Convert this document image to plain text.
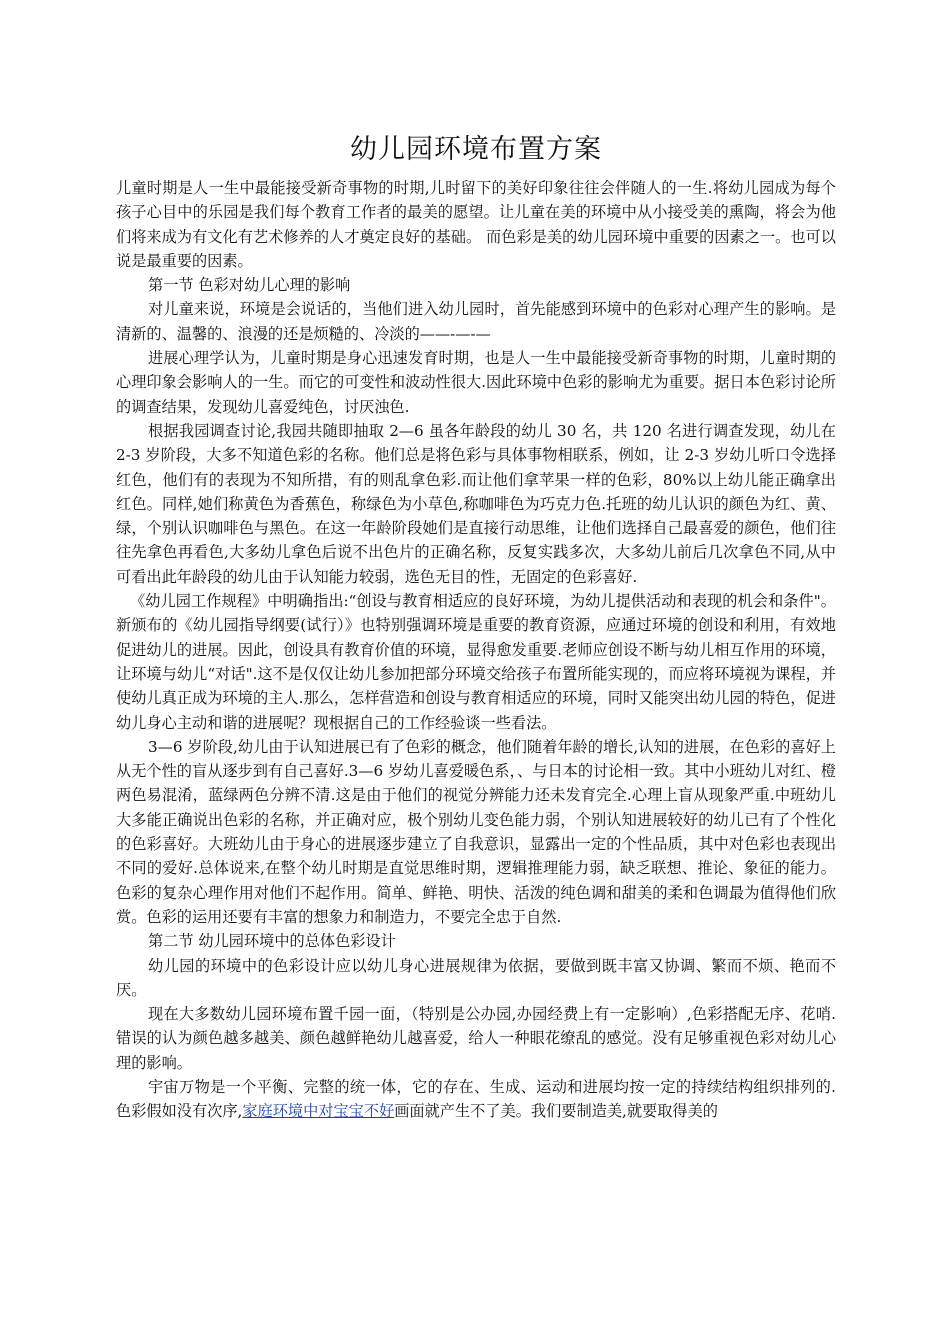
幼儿园环境布置方案

儿童时期是人一生中最能接受新奇事物的时期,儿时留下的美好印象往往会伴随人的一生.将幼儿园成为每个孩子心目中的乐园是我们每个教育工作者的最美的愿望。让儿童在美的环境中从小接受美的熏陶，将会为他们将来成为有文化有艺术修养的人才奠定良好的基础。 而色彩是美的幼儿园环境中重要的因素之一。也可以说是最重要的因素。

第一节 色彩对幼儿心理的影响

对儿童来说，环境是会说话的，当他们进入幼儿园时，首先能感到环境中的色彩对心理产生的影响。是清新的、温馨的、浪漫的还是烦糙的、冷淡的——-—-—

进展心理学认为，儿童时期是身心迅速发育时期，也是人一生中最能接受新奇事物的时期，儿童时期的心理印象会影响人的一生。而它的可变性和波动性很大.因此环境中色彩的影响尤为重要。据日本色彩讨论所的调查结果，发现幼儿喜爱纯色，讨厌浊色.

根据我园调查讨论,我园共随即抽取 2—6 虽各年龄段的幼儿 30 名，共 120 名进行调查发现，幼儿在 2-3 岁阶段，大多不知道色彩的名称。他们总是将色彩与具体事物相联系，例如，让 2-3 岁幼儿听口令选择红色，他们有的表现为不知所措，有的则乱拿色彩.而让他们拿苹果一样的色彩，80%以上幼儿能正确拿出红色。同样,她们称黄色为香蕉色，称绿色为小草色,称咖啡色为巧克力色.托班的幼儿认识的颜色为红、黄、绿，个别认识咖啡色与黑色。在这一年龄阶段她们是直接行动思维，让他们选择自己最喜爱的颜色，他们往往先拿色再看色,大多幼儿拿色后说不出色片的正确名称，反复实践多次，大多幼儿前后几次拿色不同,从中可看出此年龄段的幼儿由于认知能力较弱，选色无目的性，无固定的色彩喜好.

《幼儿园工作规程》中明确指出:“创设与教育相适应的良好环境，为幼儿提供活动和表现的机会和条件"。新颁布的《幼儿园指导纲要(试行）》也特别强调环境是重要的教育资源，应通过环境的创设和利用，有效地促进幼儿的进展。因此，创设具有教育价值的环境，显得愈发重要.老师应创设不断与幼儿相互作用的环境，让环境与幼儿“对话".这不是仅仅让幼儿参加把部分环境交给孩子布置所能实现的，而应将环境视为课程，并使幼儿真正成为环境的主人.那么，怎样营造和创设与教育相适应的环境，同时又能突出幼儿园的特色，促进幼儿身心主动和谐的进展呢？现根据自己的工作经验谈一些看法。

3—6 岁阶段,幼儿由于认知进展已有了色彩的概念，他们随着年龄的增长,认知的进展，在色彩的喜好上从无个性的盲从逐步到有自己喜好.3—6 岁幼儿喜爱暖色系，、与日本的讨论相一致。其中小班幼儿对红、橙两色易混淆，蓝绿两色分辨不清.这是由于他们的视觉分辨能力还未发育完全.心理上盲从现象严重.中班幼儿大多能正确说出色彩的名称，并正确对应，极个别幼儿变色能力弱，个别认知进展较好的幼儿已有了个性化的色彩喜好。大班幼儿由于身心的进展逐步建立了自我意识，显露出一定的个性品质，其中对色彩也表现出不同的爱好.总体说来,在整个幼儿时期是直觉思维时期，逻辑推理能力弱，缺乏联想、推论、象征的能力。色彩的复杂心理作用对他们不起作用。简单、鲜艳、明快、活泼的纯色调和甜美的柔和色调最为值得他们欣赏。色彩的运用还要有丰富的想象力和制造力，不要完全忠于自然.

第二节 幼儿园环境中的总体色彩设计

幼儿园的环境中的色彩设计应以幼儿身心进展规律为依据，要做到既丰富又协调、繁而不烦、艳而不厌。

现在大多数幼儿园环境布置千园一面，（特别是公办园,办园经费上有一定影响）,色彩搭配无序、花哨.错误的认为颜色越多越美、颜色越鲜艳幼儿越喜爱，给人一种眼花缭乱的感觉。没有足够重视色彩对幼儿心理的影响。

宇宙万物是一个平衡、完整的统一体，它的存在、生成、运动和进展均按一定的持续结构组织排列的.色彩假如没有次序,家庭环境中对宝宝不好画面就产生不了美。我们要制造美,就要取得美的
